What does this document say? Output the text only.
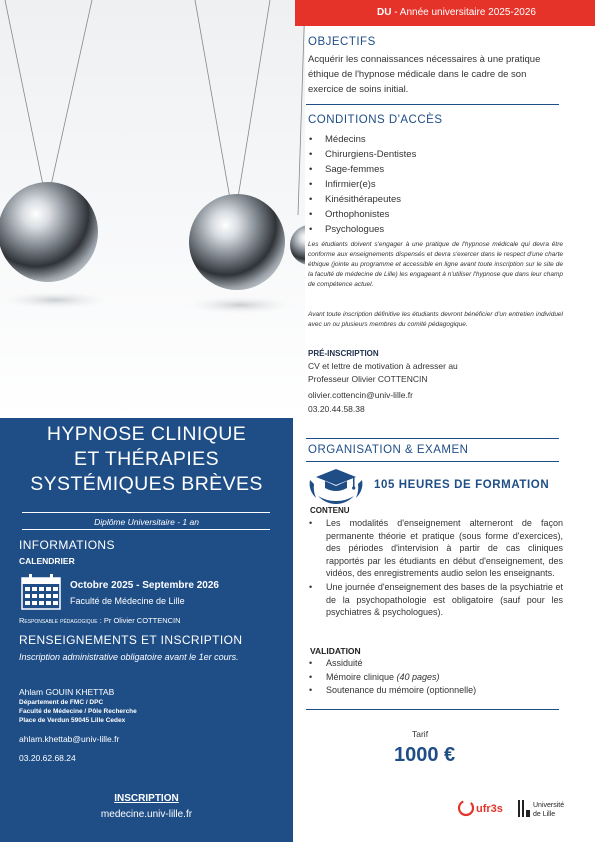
DU - Année universitaire 2025-2026
HYPNOSE CLINIQUE
ET THÉRAPIES
SYSTÉMIQUES BRÈVES
Diplôme Universitaire - 1 an
INFORMATIONS
CALENDRIER
Octobre 2025 - Septembre 2026
Faculté de Médecine de Lille
Responsable pédagogique : Pr Olivier COTTENCIN
RENSEIGNEMENTS ET INSCRIPTION
Inscription administrative obligatoire avant le 1er cours.
Ahlam GOUIN KHETTAB
Département de FMC / DPC
Faculté de Médecine / Pôle Recherche
Place de Verdun 59045 Lille Cedex
ahlam.khettab@univ-lille.fr
03.20.62.68.24
INSCRIPTION
medecine.univ-lille.fr
OBJECTIFS
Acquérir les connaissances nécessaires à une pratique éthique de l'hypnose médicale dans le cadre de son exercice de soins initial.
CONDITIONS D'ACCÈS
• Médecins
• Chirurgiens-Dentistes
• Sage-femmes
• Infirmier(e)s
• Kinésithérapeutes
• Orthophonistes
• Psychologues
Les étudiants doivent s'engager à une pratique de l'hypnose médicale qui devra être conforme aux enseignements dispensés et devra s'exercer dans le respect d'une charte éthique (jointe au programme et accessible en ligne avant toute inscription sur le site de la faculté de médecine de Lille) les engageant à n'utiliser l'hypnose que dans leur champ de compétence actuel.
Avant toute inscription définitive les étudiants devront bénéficier d'un entretien individuel avec un ou plusieurs membres du comité pédagogique.
PRÉ-INSCRIPTION
CV et lettre de motivation à adresser au
Professeur Olivier COTTENCIN
olivier.cottencin@univ-lille.fr
03.20.44.58.38
ORGANISATION & EXAMEN
105 HEURES DE FORMATION
CONTENU
• Les modalités d'enseignement alterneront de façon permanente théorie et pratique (sous forme d'exercices), des périodes d'intervision à partir de cas cliniques rapportés par les étudiants en début d'enseignement, des vidéos, des enregistrements audio selon les enseignants.
• Une journée d'enseignement des bases de la psychiatrie et de la psychopathologie est obligatoire (sauf pour les psychiatres & psychologues).
VALIDATION
• Assiduité
• Mémoire clinique (40 pages)
• Soutenance du mémoire (optionnelle)
Tarif
1000 €
ufr3s	Université
de Lille
